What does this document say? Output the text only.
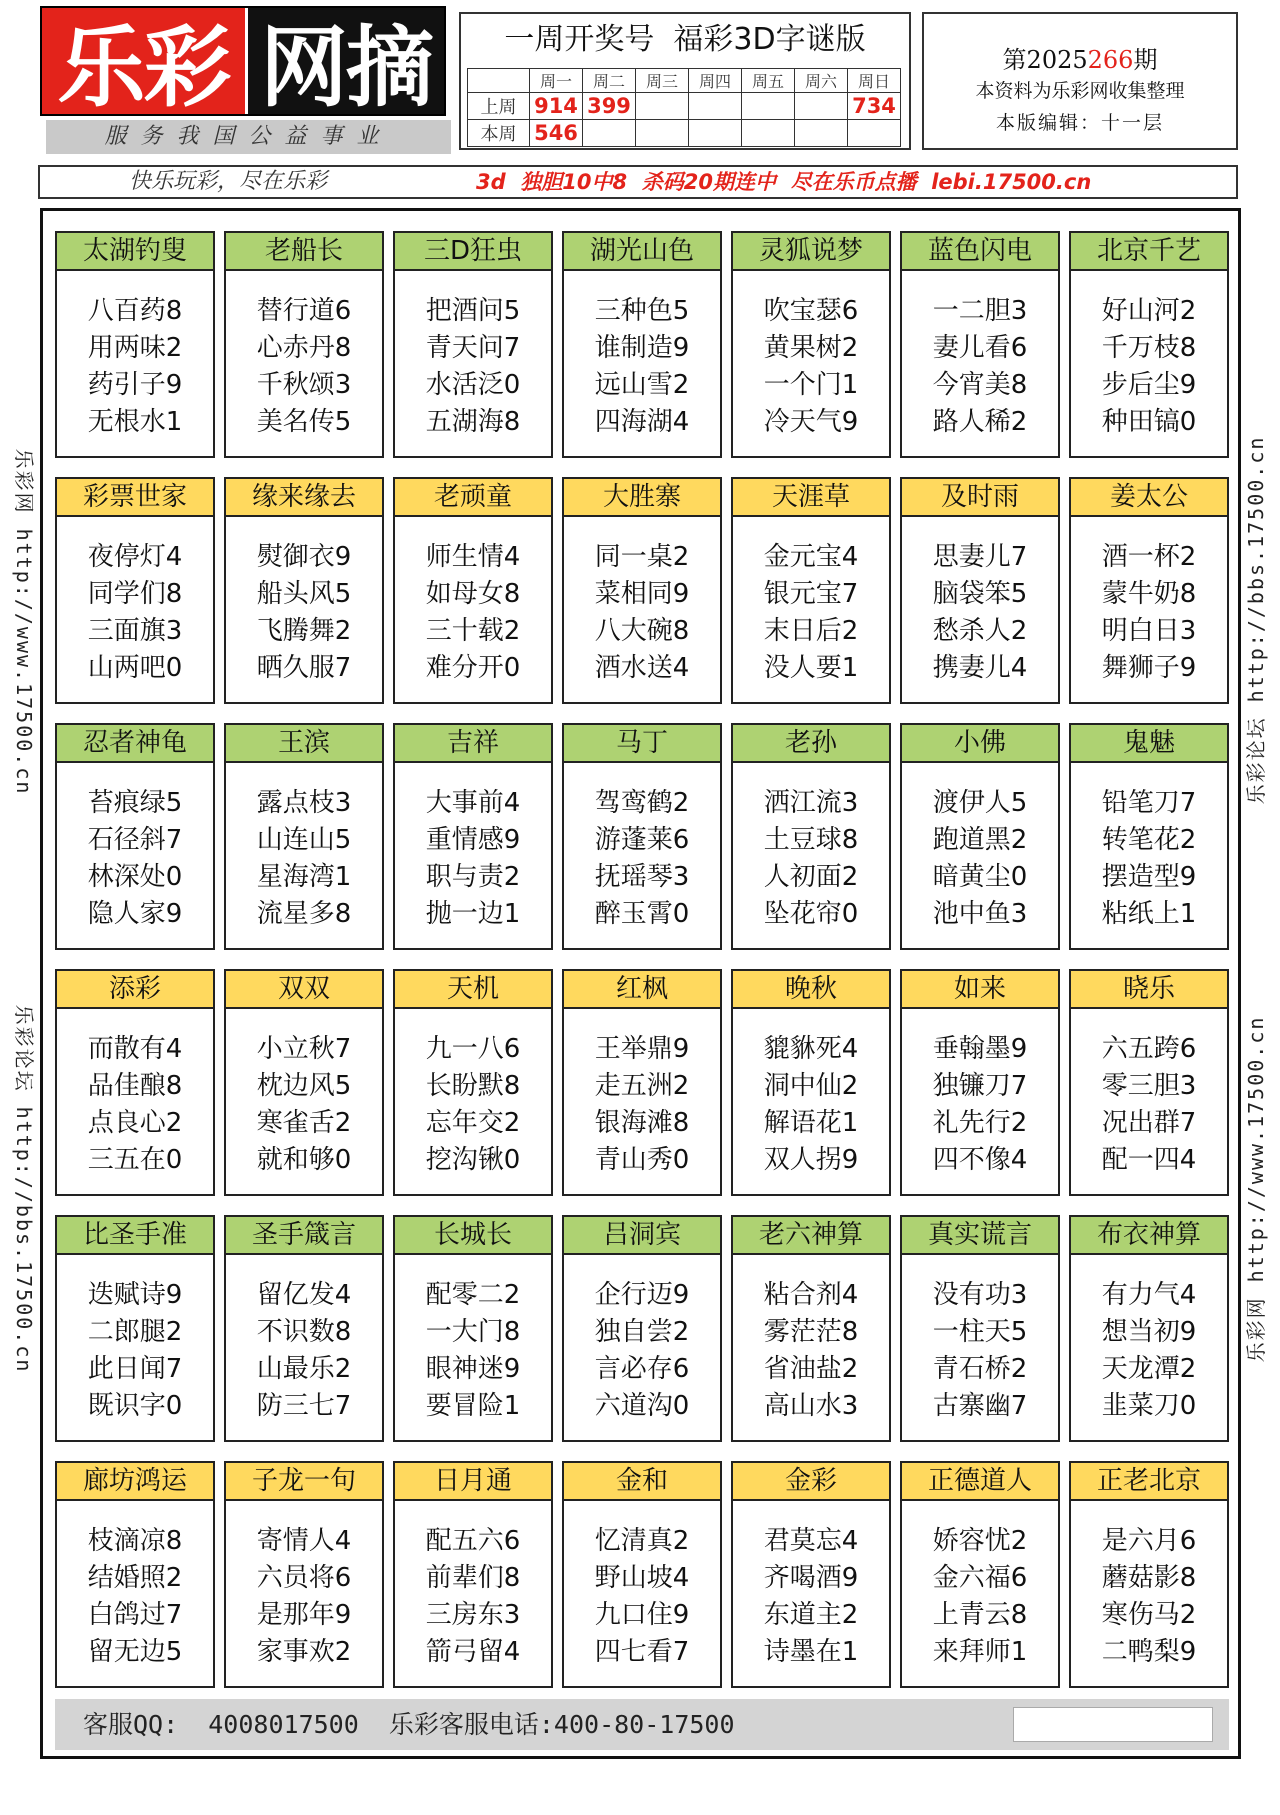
乐彩 网摘
服务我国公益事业
一周开奖号  福彩3D字谜版
	周一	周二	周三	周四	周五	周六	周日
上周	914	399					734
本周	546						
第2025266期
本资料为乐彩网收集整理
本版编辑：十一层
快乐玩彩，尽在乐彩	3d  独胆10中8  杀码20期连中  尽在乐币点播  lebi.17500.cn
乐彩网 http://www.17500.cn
乐彩论坛 http://bbs.17500.cn
乐彩论坛 http://bbs.17500.cn
乐彩网 http://www.17500.cn
太湖钓叟
八百药8
用两味2
药引子9
无根水1
老船长
替行道6
心赤丹8
千秋颂3
美名传5
三D狂虫
把酒问5
青天问7
水活泛0
五湖海8
湖光山色
三种色5
谁制造9
远山雪2
四海湖4
灵狐说梦
吹宝瑟6
黄果树2
一个门1
冷天气9
蓝色闪电
一二胆3
妻儿看6
今宵美8
路人稀2
北京千艺
好山河2
千万枝8
步后尘9
种田镐0
彩票世家
夜停灯4
同学们8
三面旗3
山两吧0
缘来缘去
熨御衣9
船头风5
飞腾舞2
晒久服7
老顽童
师生情4
如母女8
三十载2
难分开0
大胜寨
同一桌2
菜相同9
八大碗8
酒水送4
天涯草
金元宝4
银元宝7
末日后2
没人要1
及时雨
思妻儿7
脑袋笨5
愁杀人2
携妻儿4
姜太公
酒一杯2
蒙牛奶8
明白日3
舞狮子9
忍者神龟
苔痕绿5
石径斜7
林深处0
隐人家9
王滨
露点枝3
山连山5
星海湾1
流星多8
吉祥
大事前4
重情感9
职与责2
抛一边1
马丁
驾鸾鹤2
游蓬莱6
抚瑶琴3
醉玉霄0
老孙
洒江流3
土豆球8
人初面2
坠花帘0
小佛
渡伊人5
跑道黑2
暗黄尘0
池中鱼3
鬼魅
铅笔刀7
转笔花2
摆造型9
粘纸上1
添彩
而散有4
品佳酿8
点良心2
三五在0
双双
小立秋7
枕边风5
寒雀舌2
就和够0
天机
九一八6
长盼默8
忘年交2
挖沟锹0
红枫
王举鼎9
走五洲2
银海滩8
青山秀0
晚秋
貔貅死4
洞中仙2
解语花1
双人拐9
如来
垂翰墨9
独镰刀7
礼先行2
四不像4
晓乐
六五跨6
零三胆3
况出群7
配一四4
比圣手准
迭赋诗9
二郎腿2
此日闻7
既识字0
圣手箴言
留亿发4
不识数8
山最乐2
防三七7
长城长
配零二2
一大门8
眼神迷9
要冒险1
吕洞宾
企行迈9
独自尝2
言必存6
六道沟0
老六神算
粘合剂4
雾茫茫8
省油盐2
高山水3
真实谎言
没有功3
一柱天5
青石桥2
古寨幽7
布衣神算
有力气4
想当初9
天龙潭2
韭菜刀0
廊坊鸿运
枝滴凉8
结婚照2
白鸽过7
留无边5
子龙一句
寄情人4
六员将6
是那年9
家事欢2
日月通
配五六6
前辈们8
三房东3
箭弓留4
金和
忆清真2
野山坡4
九口住9
四七看7
金彩
君莫忘4
齐喝酒9
东道主2
诗墨在1
正德道人
娇容忧2
金六福6
上青云8
来拜师1
正老北京
是六月6
蘑菇影8
寒伤马2
二鸭梨9
客服QQ:  4008017500  乐彩客服电话:400-80-17500
